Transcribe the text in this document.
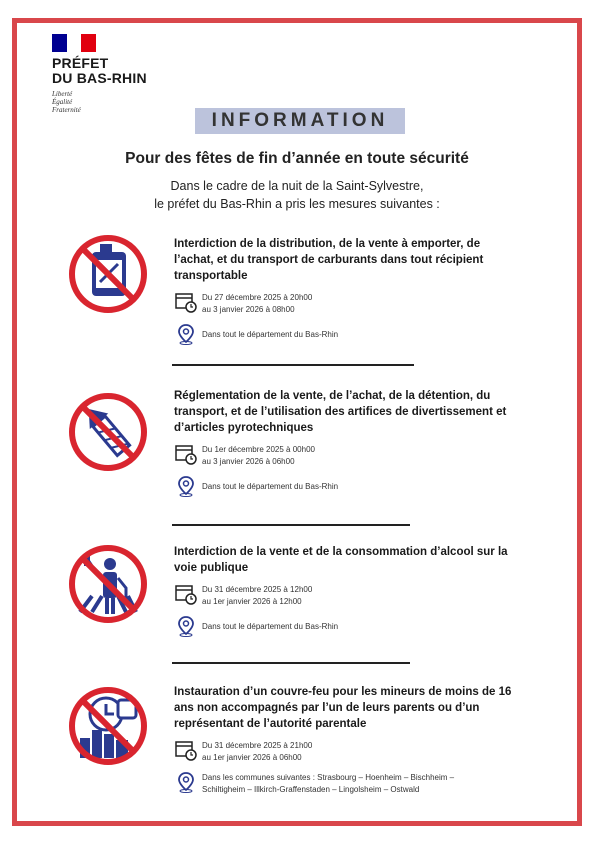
PRÉFET
DU BAS-RHIN
Liberté
Égalité
Fraternité	INFORMATION
Pour des fêtes de fin d’année en toute sécurité
Dans le cadre de la nuit de la Saint-Sylvestre,
le préfet du Bas-Rhin a pris les mesures suivantes :
Interdiction de la distribution, de la vente à emporter, de l’achat, et du transport de carburants dans tout récipient transportable
Du 27 décembre 2025 à 20h00
au 3 janvier 2026 à 08h00
Dans tout le département du Bas-Rhin
Réglementation de la vente, de l’achat, de la détention, du transport, et de l’utilisation des artifices de divertissement et d’articles pyrotechniques
Du 1er décembre 2025 à 00h00
au 3 janvier 2026 à 06h00
Dans tout le département du Bas-Rhin
Interdiction de la vente et de la consommation d’alcool sur la voie publique
Du 31 décembre 2025 à 12h00
au 1er janvier 2026 à 12h00
Dans tout le département du Bas-Rhin
Instauration d’un couvre-feu pour les mineurs de moins de 16 ans non accompagnés par l’un de leurs parents ou d’un représentant de l’autorité parentale
Du 31 décembre 2025 à 21h00
au 1er janvier 2026 à 06h00
Dans les communes suivantes : Strasbourg – Hoenheim – Bischheim –
Schiltigheim – Illkirch-Graffenstaden – Lingolsheim – Ostwald
